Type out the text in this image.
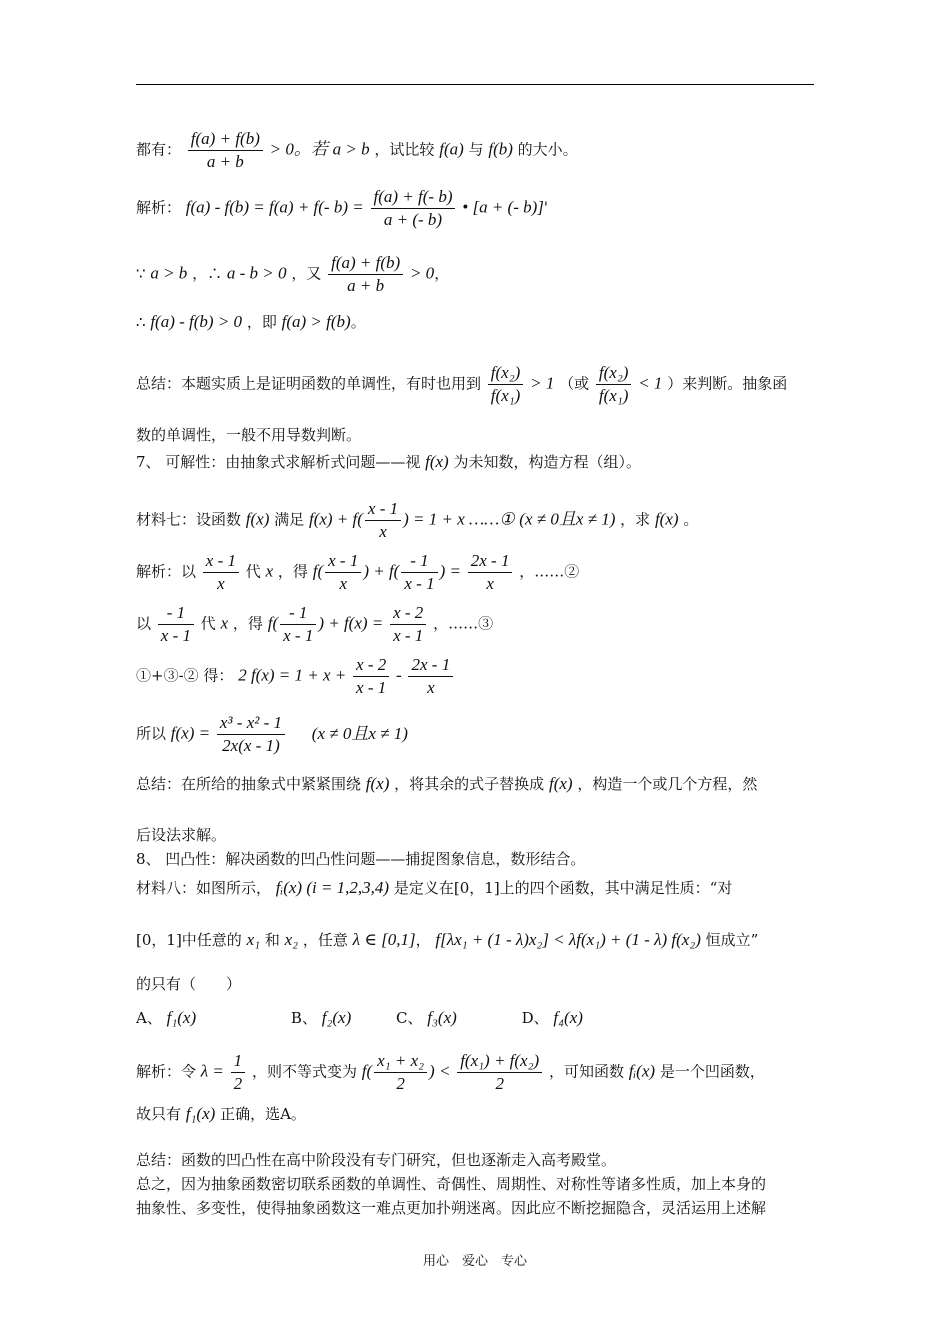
都有： $\frac{f(a) + f(b)}{a + b} > 0$。若 a > b ，试比较 f(a) 与 f(b) 的大小。
解析： f(a) - f(b) = f(a) + f(- $b) = \frac{f(a) + f(- b)}{a + (- b)}$ • [a + (- b)]'
∵ a > b ，∴ a - b > 0 ，又 $\frac{f(a) + f(b)}{a + b} > 0$，
∴ f(a) - f(b) > 0 ，即 f(a) > f(b)。
总结：本题实质上是证明函数的单调性，有时也用到 $\frac{\text{f(x₂)}}{\text{f(x₁)}} > 1$ （或 $\frac{\text{f(x₂)}}{\text{f(x₁)}} < 1$ ）来判断。抽象函
数的单调性，一般不用导数判断。
7、 可解性：由抽象式求解析式问题——视 f(x) 为未知数，构造方程（组）。
材料七：设函数 f(x) 满足 $f(x) + f( \frac{x - 1}{x}$ ) = 1 + x ……① (x ≠ 0且x ≠ 1) ，求 f(x) 。
解析：以 $\frac{x - 1}{x}$ 代 x ，得 $f( \frac{x - 1}{x}$ ) + $f( \frac{- 1}{x - 1}$ ) = $\frac{2x - 1}{x}$ ，……②
以 $\frac{- 1}{x - 1}$ 代 x ，得 $f( \frac{- 1}{x - 1}$ ) + $f(x) = \frac{x - 2}{x - 1}$ ，……③
①+③-② 得： 2 $f(x) = 1 + x + \frac{x - 2}{x - 1} - \frac{2x - 1}{x}$
所以 $f(x) = \frac{\text{x³ - x² - 1}}{2x(x - 1)} (x \ne 0$且x ≠ 1)
总结：在所给的抽象式中紧紧围绕 f(x) ，将其余的式子替换成 f(x) ，构造一个或几个方程，然
后设法求解。
8、 凹凸性：解决函数的凹凸性问题——捕捉图象信息，数形结合。
材料八：如图所示， fᵢ(x) (i = 1,2,3,4) 是定义在[0，1]上的四个函数，其中满足性质：“对
[0，1]中任意的 x₁ 和 x₂ ，任意 λ ∈ [0,1]， f[λx₁ + (1 - λ)x₂] < λf(x₁) + (1 - λ) f(x₂) 恒成立”
的只有（　　）
A、 f₁(x)	B、 f₂(x)	C、 f₃(x)	D、 f₄(x)
解析：令 $\lambda = \frac{1}{2}$ ，则不等式变为 $f( \frac{\text{x₁ + x₂}}{2}$ ) < $\frac{\text{f(x₁) + f(x₂)}}{2}$ ，可知函数 fᵢ(x) 是一个凹函数，
故只有 f₁(x) 正确，选A。
总结：函数的凹凸性在高中阶段没有专门研究，但也逐渐走入高考殿堂。
总之，因为抽象函数密切联系函数的单调性、奇偶性、周期性、对称性等诸多性质，加上本身的
抽象性、多变性，使得抽象函数这一难点更加扑朔迷离。因此应不断挖掘隐含，灵活运用上述解
用心　爱心　专心
